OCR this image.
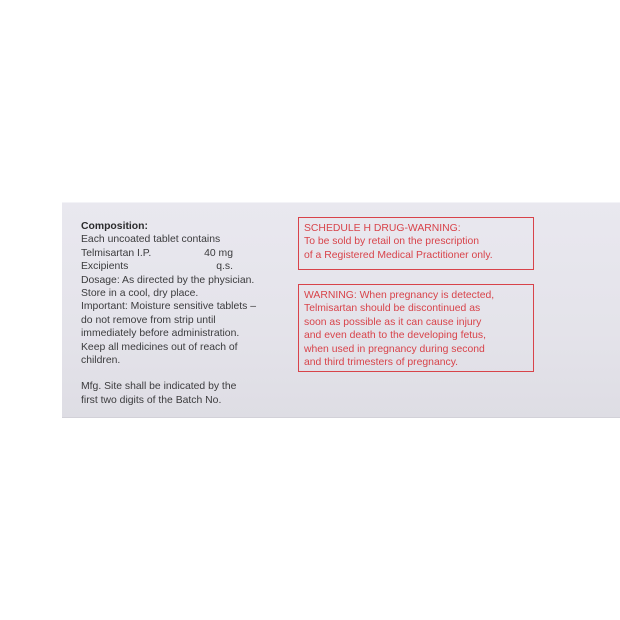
Composition:
Each uncoated tablet contains
Telmisartan I.P.	40 mg
Excipients	q.s.
Dosage: As directed by the physician.
Store in a cool, dry place.
Important: Moisture sensitive tablets –
do not remove from strip until
immediately before administration.
Keep all medicines out of reach of
children.
Mfg. Site shall be indicated by the
first two digits of the Batch No.
SCHEDULE H DRUG-WARNING:
To be sold by retail on the prescription
of a Registered Medical Practitioner only.
WARNING: When pregnancy is detected,
Telmisartan should be discontinued as
soon as possible as it can cause injury
and even death to the developing fetus,
when used in pregnancy during second
and third trimesters of pregnancy.
